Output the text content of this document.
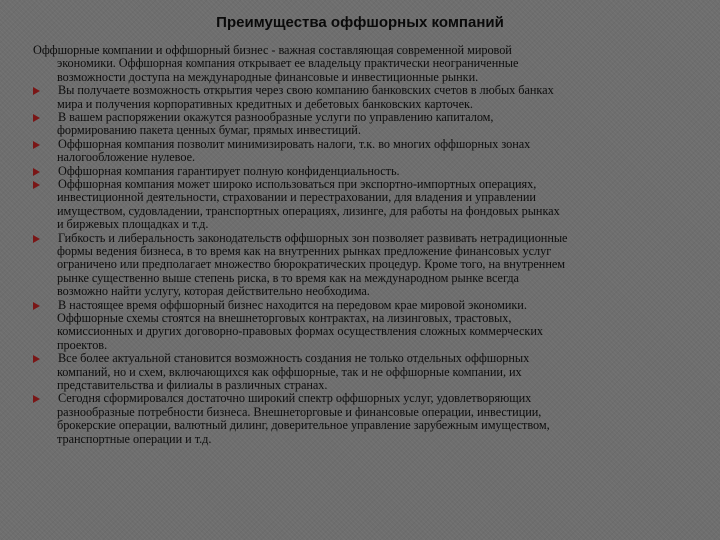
Преимущества оффшорных компаний
Оффшорные компании и оффшорный бизнес - важная составляющая современной мировой
экономики. Оффшорная компания открывает ее владельцу практически неограниченные
возможности доступа на международные финансовые и инвестиционные рынки.
Вы получаете возможность открытия через свою компанию банковских счетов в любых банках
мира и получения корпоративных кредитных и дебетовых банковских карточек.
В вашем распоряжении окажутся разнообразные услуги по управлению капиталом,
формированию пакета ценных бумаг, прямых инвестиций.
Оффшорная компания позволит минимизировать налоги, т.к. во многих оффшорных зонах
налогообложение нулевое.
Оффшорная компания гарантирует полную конфиденциальность.
Оффшорная компания может широко использоваться при экспортно-импортных операциях,
инвестиционной деятельности, страховании и перестраховании, для владения и управлении
имуществом, судовладении, транспортных операциях, лизинге, для работы на фондовых рынках
и биржевых площадках и т.д.
Гибкость и либеральность законодательств оффшорных зон позволяет развивать нетрадиционные
формы ведения бизнеса, в то время как на внутренних рынках предложение финансовых услуг
ограничено или предполагает множество бюрократических процедур. Кроме того, на внутреннем
рынке существенно выше степень риска, в то время как на международном рынке всегда
возможно найти услугу, которая действительно необходима.
В настоящее время оффшорный бизнес находится на передовом крае мировой экономики.
Оффшорные схемы стоятся на внешнеторговых контрактах, на лизинговых, трастовых,
комиссионных и других договорно-правовых формах осуществления сложных коммерческих
проектов.
Все более актуальной становится возможность создания не только отдельных оффшорных
компаний, но и схем, включающихся как оффшорные, так и не оффшорные компании, их
представительства и филиалы в различных странах.
Сегодня сформировался достаточно широкий спектр оффшорных услуг, удовлетворяющих
разнообразные потребности бизнеса. Внешнеторговые и финансовые операции, инвестиции,
брокерские операции, валютный дилинг, доверительное управление зарубежным имуществом,
транспортные операции и т.д.
